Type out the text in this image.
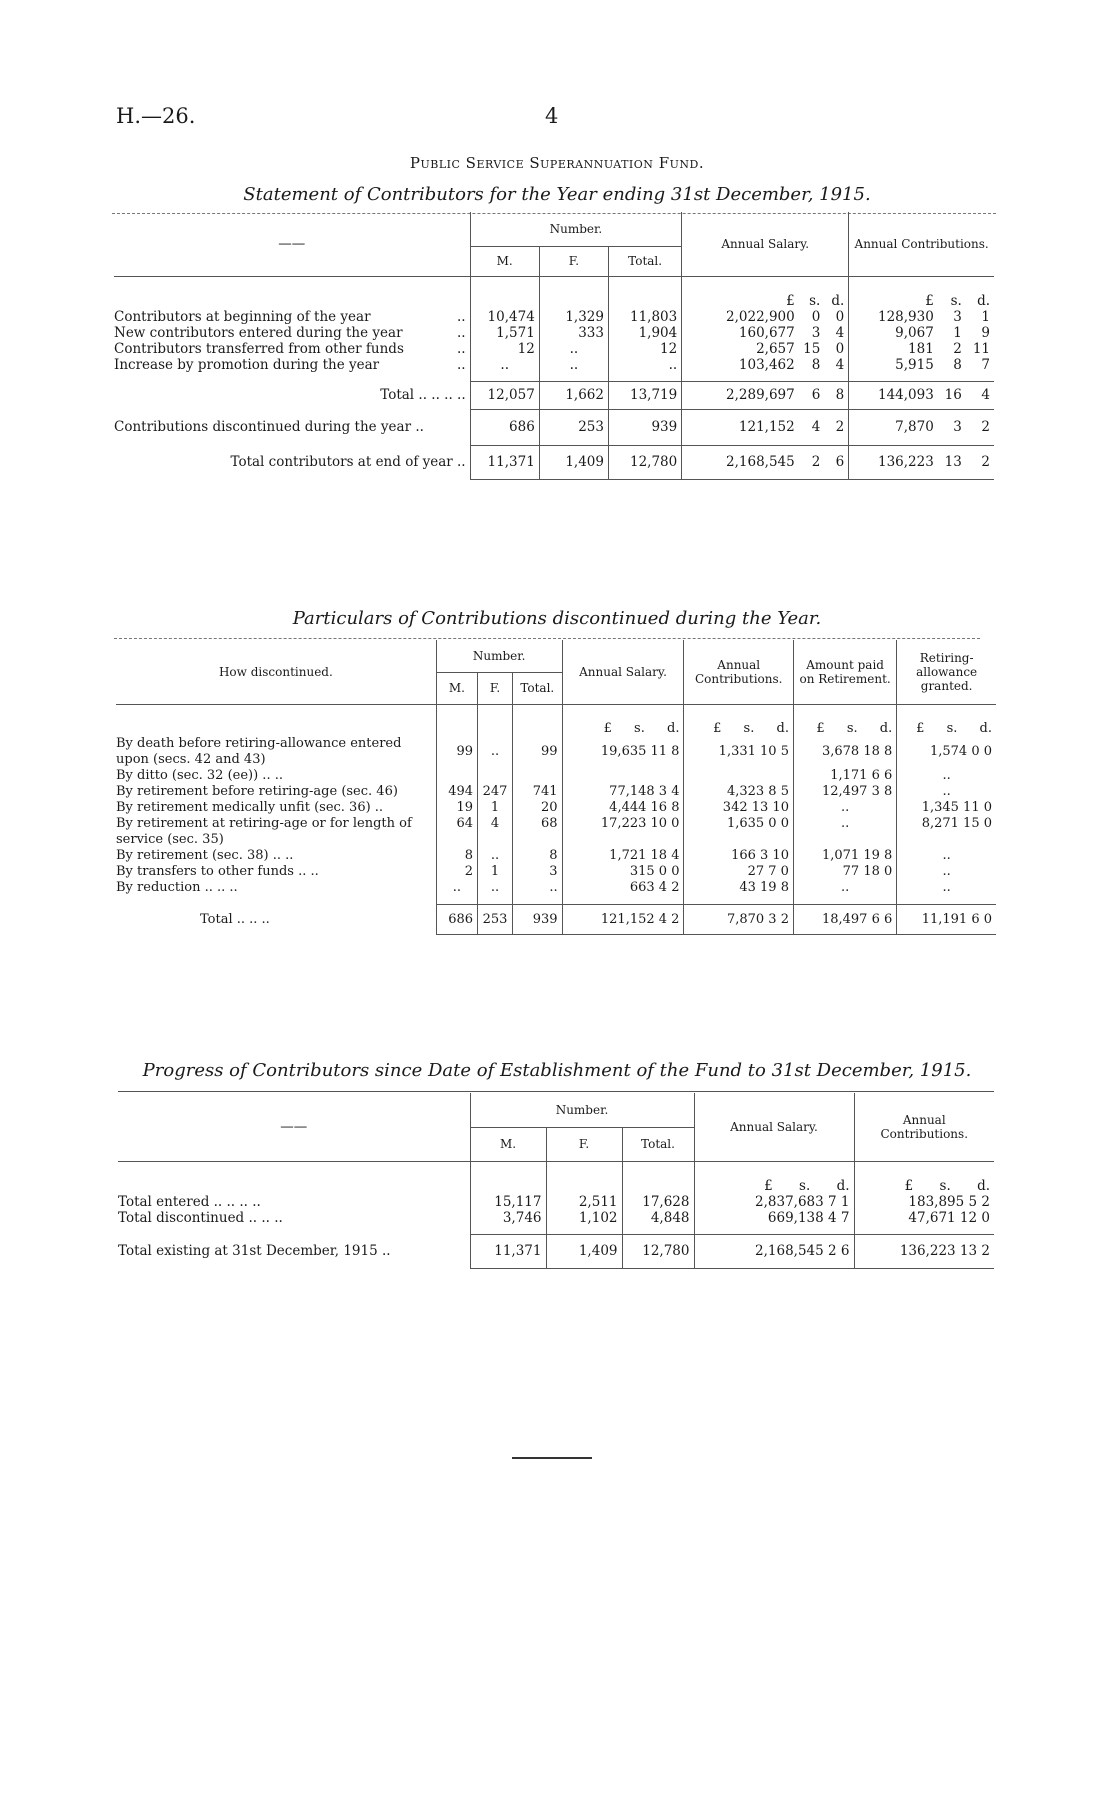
H.—26.	4
Public Service Superannuation Fund.
Statement of Contributors for the Year ending 31st December, 1915.
——	Number.			Annual Salary.			Annual Contributions.		
	M.	F.	Total.						
				£	s.	d.	£	s.	d.
Contributors at beginning of the year ..	10,474	1,329	11,803	2,022,900	0	0	128,930	3	1
New contributors entered during the year ..	1,571	333	1,904	160,677	3	4	9,067	1	9
Contributors transferred from other funds ..	12	..	12	2,657	15	0	181	2	11
Increase by promotion during the year ..	..	..	..	103,462	8	4	5,915	8	7

Total .. .. .. ..	12,057	1,662	13,719	2,289,697	6	8	144,093	16	4
Contributions discontinued during the year ..	686	253	939	121,152	4	2	7,870	3	2
Total contributors at end of year ..	11,371	1,409	12,780	2,168,545	2	6	136,223	13	2
Particulars of Contributions discontinued during the Year.
How discontinued.	Number.			Annual Salary.	Annual Contributions.	Amount paid on Retirement.	Retiring-allowance granted.
	M.	F.	Total.				
				£ s. d.	£ s. d.	£ s. d.	£ s. d.
By death before retiring-allowance entered upon (secs. 42 and 43)	99	..	99	19,635 11 8	1,331 10 5	3,678 18 8	1,574 0 0
By ditto (sec. 32 (ee)) .. ..						1,171 6 6	..
By retirement before retiring-age (sec. 46)	494	247	741	77,148 3 4	4,323 8 5	12,497 3 8	..
By retirement medically unfit (sec. 36) ..	19	1	20	4,444 16 8	342 13 10	..	1,345 11 0
By retirement at retiring-age or for length of service (sec. 35)	64	4	68	17,223 10 0	1,635 0 0	..	8,271 15 0
By retirement (sec. 38) .. ..	8	..	8	1,721 18 4	166 3 10	1,071 19 8	..
By transfers to other funds .. ..	2	1	3	315 0 0	27 7 0	77 18 0	..
By reduction .. .. ..	..	..	..	663 4 2	43 19 8	..	..

Total .. .. ..	686	253	939	121,152 4 2	7,870 3 2	18,497 6 6	11,191 6 0
Progress of Contributors since Date of Establishment of the Fund to 31st December, 1915.
——	Number.			Annual Salary.	Annual Contributions.
	M.	F.	Total.		
				£ s. d.	£ s. d.
Total entered .. .. .. ..	15,117	2,511	17,628	2,837,683 7 1	183,895 5 2
Total discontinued .. .. ..	3,746	1,102	4,848	669,138 4 7	47,671 12 0

Total existing at 31st December, 1915 ..	11,371	1,409	12,780	2,168,545 2 6	136,223 13 2
